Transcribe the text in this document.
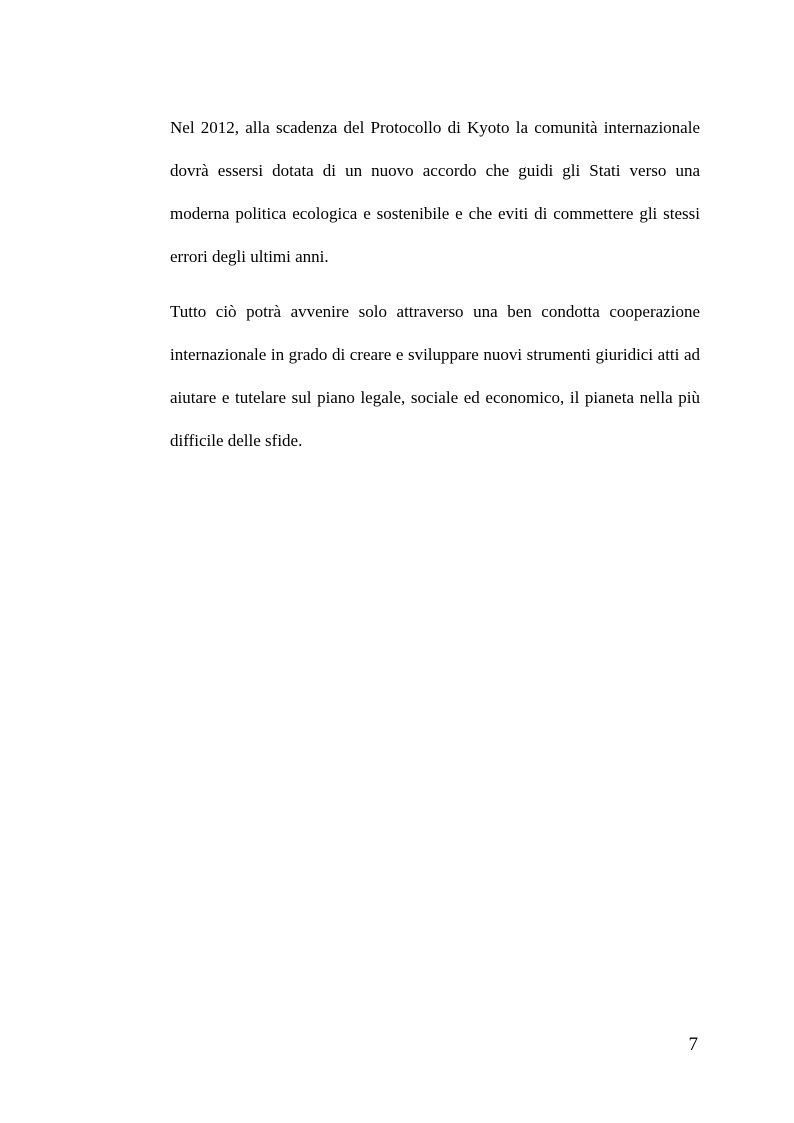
Nel 2012, alla scadenza del Protocollo di Kyoto la comunità internazionale dovrà essersi dotata di un nuovo accordo che guidi gli Stati verso una moderna politica ecologica e sostenibile e che eviti di commettere gli stessi errori degli ultimi anni.

Tutto ciò potrà avvenire solo attraverso una ben condotta cooperazione internazionale in grado di creare e sviluppare nuovi strumenti giuridici atti ad aiutare e tutelare sul piano legale, sociale ed economico, il pianeta nella più difficile delle sfide.

7
